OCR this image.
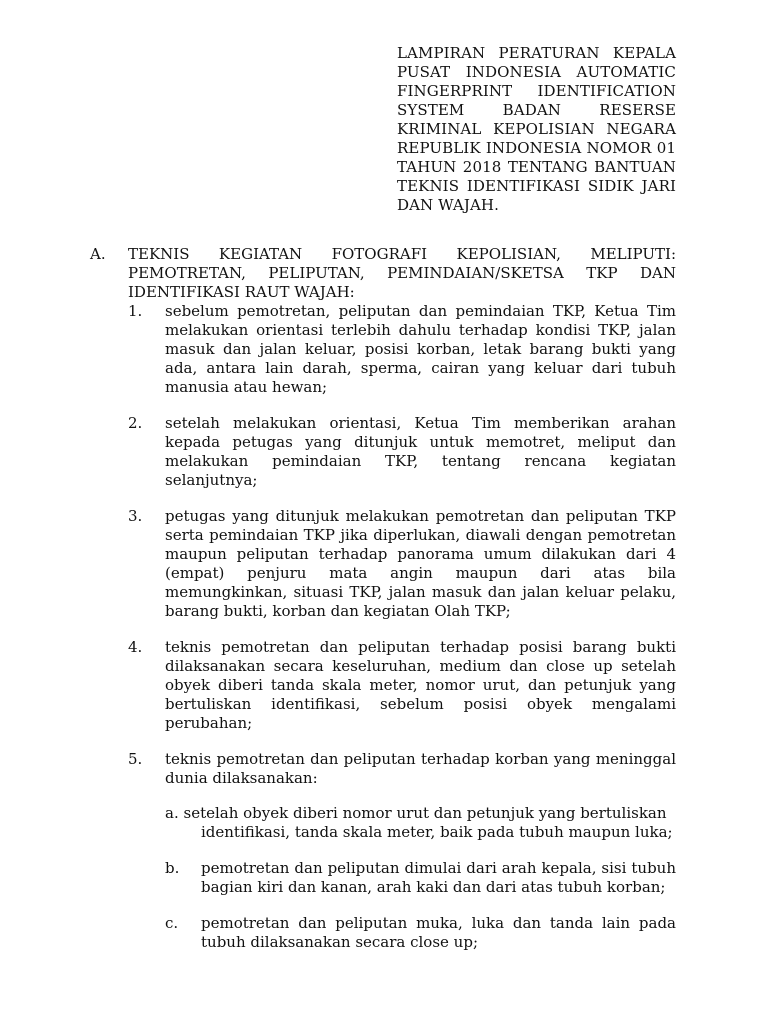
LAMPIRAN PERATURAN KEPALA
PUSAT INDONESIA AUTOMATIC
FINGERPRINT IDENTIFICATION
SYSTEM BADAN RESERSE
KRIMINAL KEPOLISIAN NEGARA
REPUBLIK INDONESIA NOMOR 01
TAHUN 2018 TENTANG BANTUAN
TEKNIS IDENTIFIKASI SIDIK JARI
DAN WAJAH.
A. TEKNIS KEGIATAN FOTOGRAFI KEPOLISIAN, MELIPUTI: PEMOTRETAN, PELIPUTAN, PEMINDAIAN/SKETSA TKP DAN IDENTIFIKASI RAUT WAJAH:
1. sebelum pemotretan, peliputan dan pemindaian TKP, Ketua Tim melakukan orientasi terlebih dahulu terhadap kondisi TKP, jalan masuk dan jalan keluar, posisi korban, letak barang bukti yang ada, antara lain darah, sperma, cairan yang keluar dari tubuh manusia atau hewan;
2. setelah melakukan orientasi, Ketua Tim memberikan arahan kepada petugas yang ditunjuk untuk memotret, meliput dan melakukan pemindaian TKP, tentang rencana kegiatan selanjutnya;
3. petugas yang ditunjuk melakukan pemotretan dan peliputan TKP serta pemindaian TKP jika diperlukan, diawali dengan pemotretan maupun peliputan terhadap panorama umum dilakukan dari 4 (empat) penjuru mata angin maupun dari atas bila memungkinkan, situasi TKP, jalan masuk dan jalan keluar pelaku, barang bukti, korban dan kegiatan Olah TKP;
4. teknis pemotretan dan peliputan terhadap posisi barang bukti dilaksanakan secara keseluruhan, medium dan close up setelah obyek diberi tanda skala meter, nomor urut, dan petunjuk yang bertuliskan identifikasi, sebelum posisi obyek mengalami perubahan;
5. teknis pemotretan dan peliputan terhadap korban yang meninggal dunia dilaksanakan:
a. setelah obyek diberi nomor urut dan petunjuk yang bertuliskan
identifikasi, tanda skala meter, baik pada tubuh maupun luka;
b. pemotretan dan peliputan dimulai dari arah kepala, sisi tubuh bagian kiri dan kanan, arah kaki dan dari atas tubuh korban;
c. pemotretan dan peliputan muka, luka dan tanda lain pada tubuh dilaksanakan secara close up;
